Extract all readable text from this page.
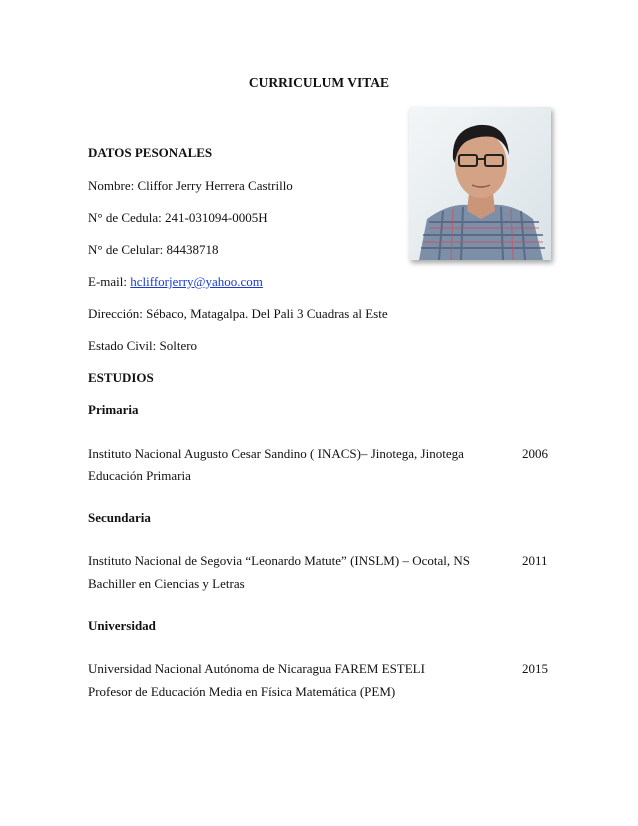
CURRICULUM VITAE
DATOS PESONALES
Nombre: Cliffor Jerry Herrera Castrillo
N° de Cedula: 241-031094-0005H
N° de Celular: 84438718
E-mail: hclifforjerry@yahoo.com
Dirección: Sébaco, Matagalpa. Del Pali 3 Cuadras al Este
Estado Civil: Soltero
ESTUDIOS
Primaria
Instituto Nacional Augusto Cesar Sandino ( INACS)– Jinotega, Jinotega	2006
Educación Primaria
Secundaria
Instituto Nacional de Segovia “Leonardo Matute” (INSLM) – Ocotal, NS	2011
Bachiller en Ciencias y Letras
Universidad
Universidad Nacional Autónoma de Nicaragua FAREM ESTELI	2015
Profesor de Educación Media en Física Matemática (PEM)
